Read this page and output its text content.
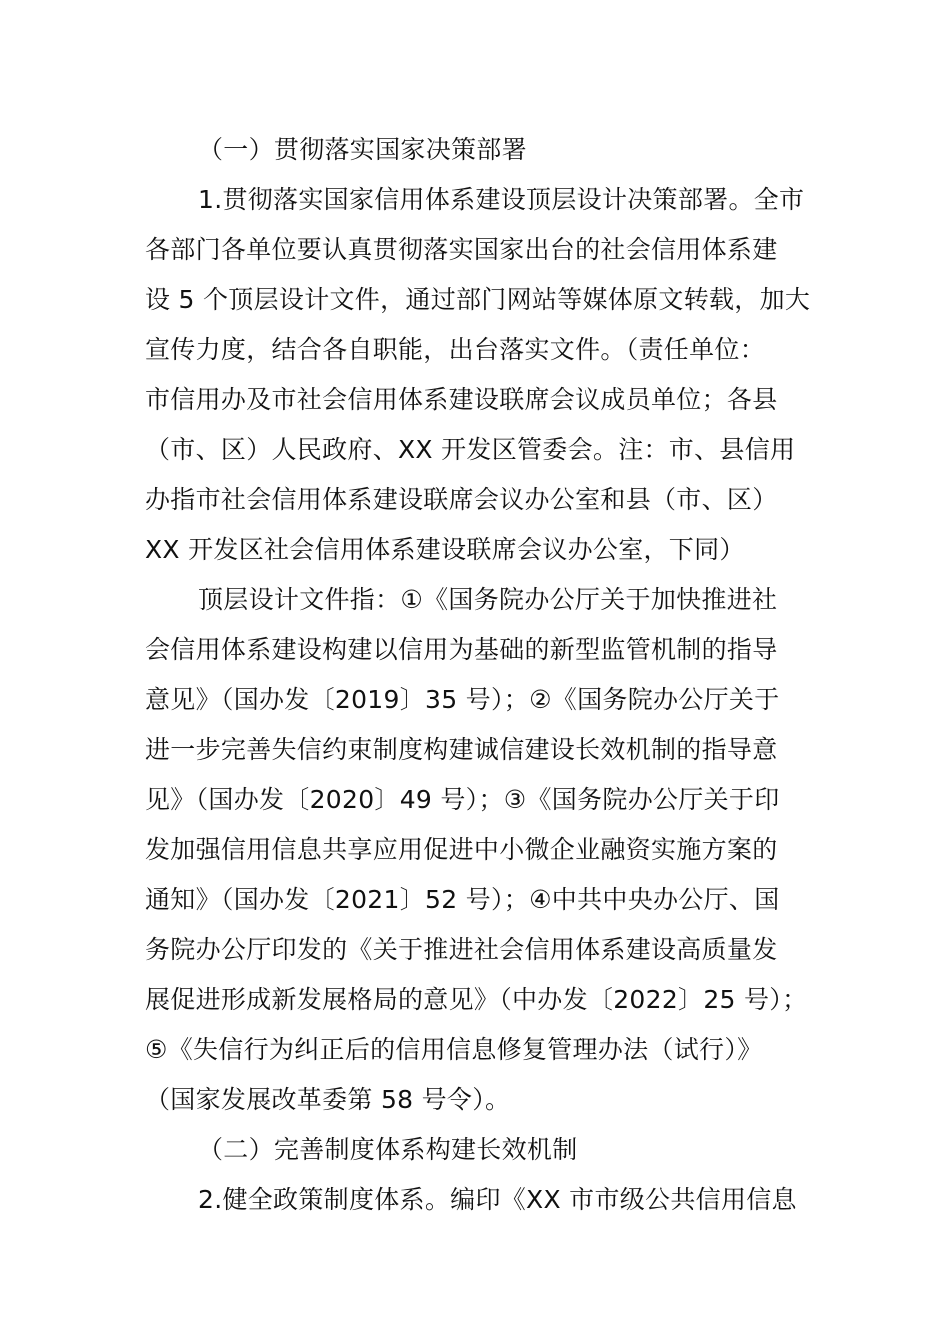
（一）贯彻落实国家决策部署
1.贯彻落实国家信用体系建设顶层设计决策部署。全市
各部门各单位要认真贯彻落实国家出台的社会信用体系建
设 5 个顶层设计文件，通过部门网站等媒体原文转载，加大
宣传力度，结合各自职能，出台落实文件。（责任单位：
市信用办及市社会信用体系建设联席会议成员单位；各县
（市、区）人民政府、XX 开发区管委会。注：市、县信用
办指市社会信用体系建设联席会议办公室和县（市、区）
XX 开发区社会信用体系建设联席会议办公室，下同）
顶层设计文件指：①《国务院办公厅关于加快推进社
会信用体系建设构建以信用为基础的新型监管机制的指导
意见》（国办发〔2019〕35 号）；②《国务院办公厅关于
进一步完善失信约束制度构建诚信建设长效机制的指导意
见》（国办发〔2020〕49 号）；③《国务院办公厅关于印
发加强信用信息共享应用促进中小微企业融资实施方案的
通知》（国办发〔2021〕52 号）；④中共中央办公厅、国
务院办公厅印发的《关于推进社会信用体系建设高质量发
展促进形成新发展格局的意见》（中办发〔2022〕25 号）；
⑤《失信行为纠正后的信用信息修复管理办法（试行）》
（国家发展改革委第 58 号令）。
（二）完善制度体系构建长效机制
2.健全政策制度体系。编印《XX 市市级公共信用信息
